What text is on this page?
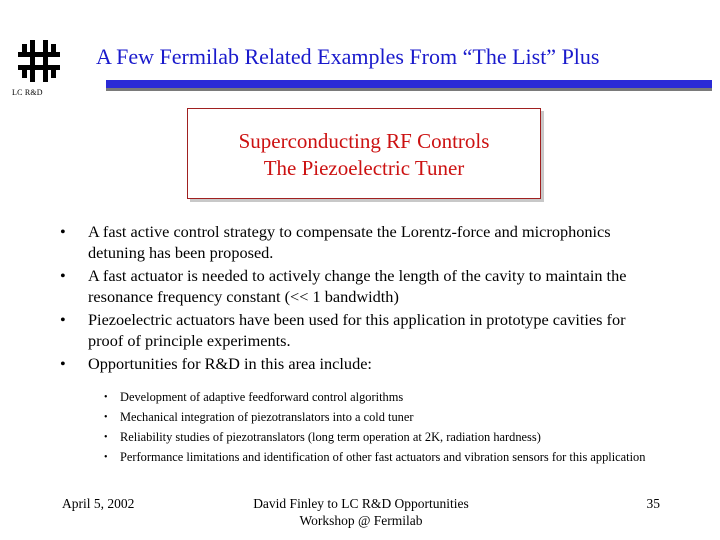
LC R&D
A Few Fermilab Related Examples From “The List” Plus
Superconducting RF Controls
The Piezoelectric Tuner
• A fast active control strategy to compensate the Lorentz-force and microphonics detuning has been proposed.
• A fast actuator is needed to actively change the length of the cavity to maintain the resonance frequency constant (<< 1 bandwidth)
• Piezoelectric actuators have been used for this application in prototype cavities for proof of principle experiments.
• Opportunities for R&D in this area include:
• Development of adaptive feedforward control algorithms
• Mechanical integration of piezotranslators into a cold tuner
• Reliability studies of piezotranslators (long term operation at 2K, radiation hardness)
• Performance limitations and identification of other fast actuators and vibration sensors for this application
April 5, 2002	David Finley to LC R&D Opportunities
Workshop @ Fermilab
35
